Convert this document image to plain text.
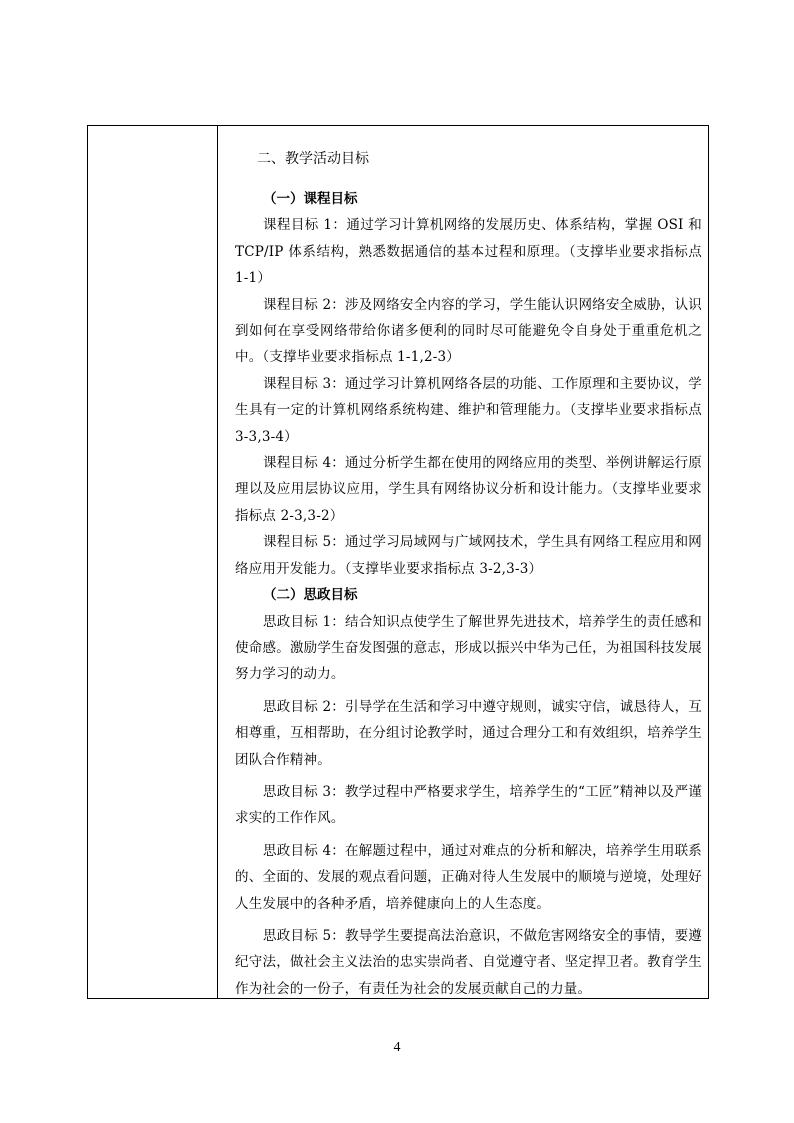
二、教学活动目标

（一）课程目标

课程目标 1：通过学习计算机网络的发展历史、体系结构，掌握 OSI 和 TCP/IP 体系结构，熟悉数据通信的基本过程和原理。（支撑毕业要求指标点 1-1）

课程目标 2：涉及网络安全内容的学习，学生能认识网络安全威胁，认识到如何在享受网络带给你诸多便利的同时尽可能避免令自身处于重重危机之中。（支撑毕业要求指标点 1-1,2-3）

课程目标 3：通过学习计算机网络各层的功能、工作原理和主要协议，学生具有一定的计算机网络系统构建、维护和管理能力。（支撑毕业要求指标点 3-3,3-4）

课程目标 4：通过分析学生都在使用的网络应用的类型、举例讲解运行原理以及应用层协议应用，学生具有网络协议分析和设计能力。（支撑毕业要求指标点 2-3,3-2）

课程目标 5：通过学习局域网与广域网技术，学生具有网络工程应用和网络应用开发能力。（支撑毕业要求指标点 3-2,3-3）

（二）思政目标

思政目标 1：结合知识点使学生了解世界先进技术，培养学生的责任感和使命感。激励学生奋发图强的意志，形成以振兴中华为己任，为祖国科技发展努力学习的动力。

思政目标 2：引导学在生活和学习中遵守规则，诚实守信，诚恳待人，互相尊重，互相帮助，在分组讨论教学时，通过合理分工和有效组织，培养学生团队合作精神。

思政目标 3：教学过程中严格要求学生，培养学生的“工匠”精神以及严谨求实的工作作风。

思政目标 4：在解题过程中，通过对难点的分析和解决，培养学生用联系的、全面的、发展的观点看问题，正确对待人生发展中的顺境与逆境，处理好人生发展中的各种矛盾，培养健康向上的人生态度。

思政目标 5：教导学生要提高法治意识，不做危害网络安全的事情，要遵纪守法，做社会主义法治的忠实崇尚者、自觉遵守者、坚定捍卫者。教育学生作为社会的一份子，有责任为社会的发展贡献自己的力量。

4
